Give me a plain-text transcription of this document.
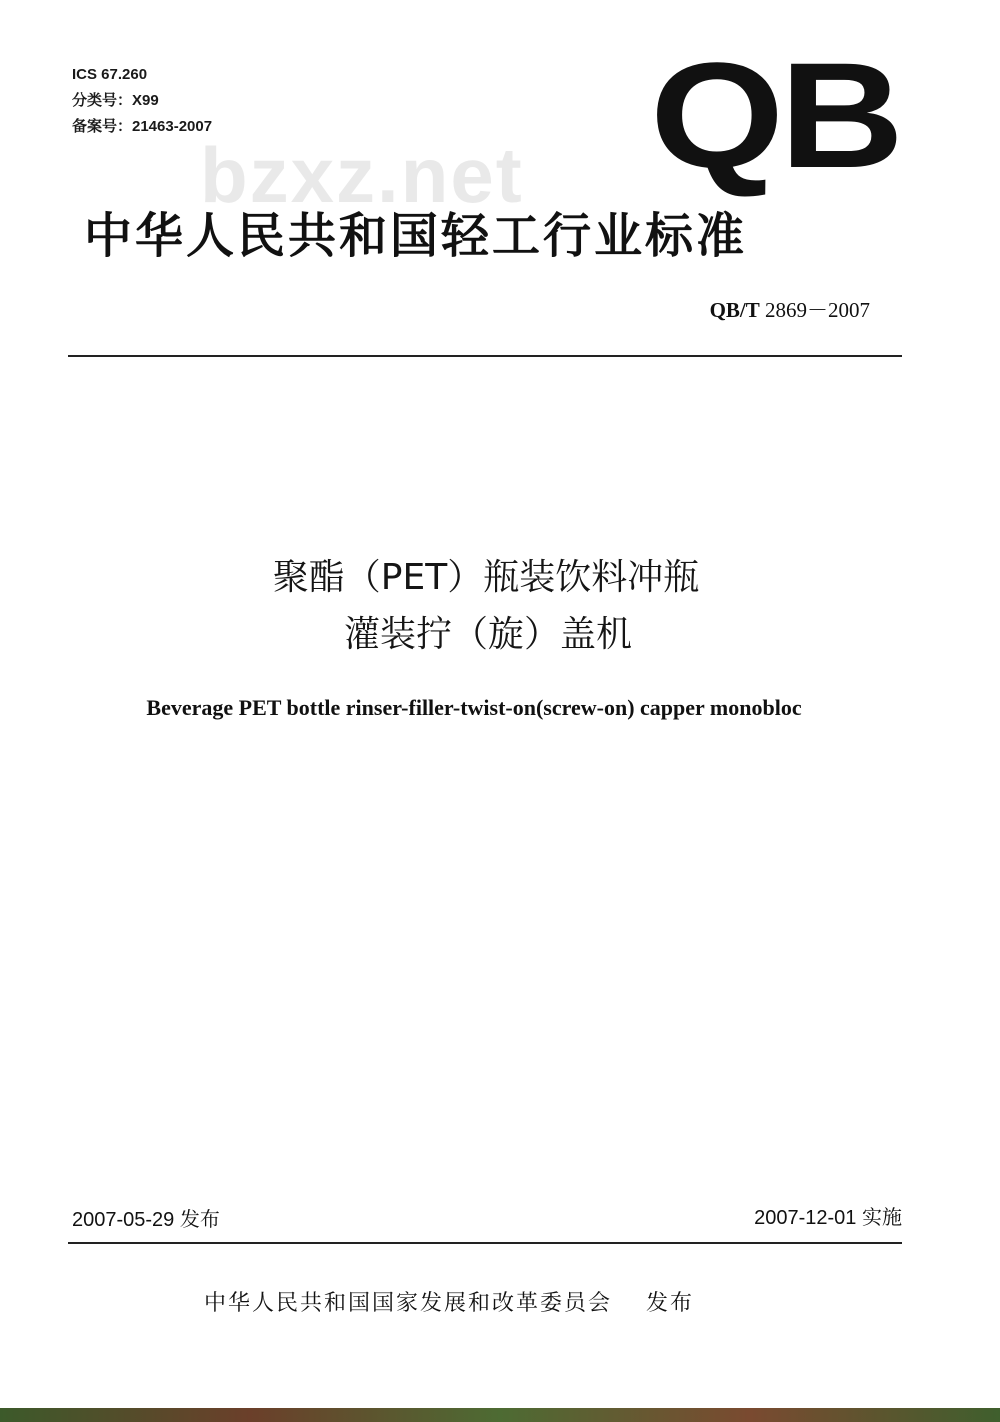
ICS 67.260
分类号：X99
备案号：21463-2007	QB
bzxz.net
中华人民共和国轻工行业标准
QB/T 2869－2007
聚酯（PET）瓶装饮料冲瓶
灌装拧（旋）盖机
Beverage PET bottle rinser-filler-twist-on(screw-on) capper monobloc
2007-05-29 发布	2007-12-01 实施
中华人民共和国国家发展和改革委员会 发布
